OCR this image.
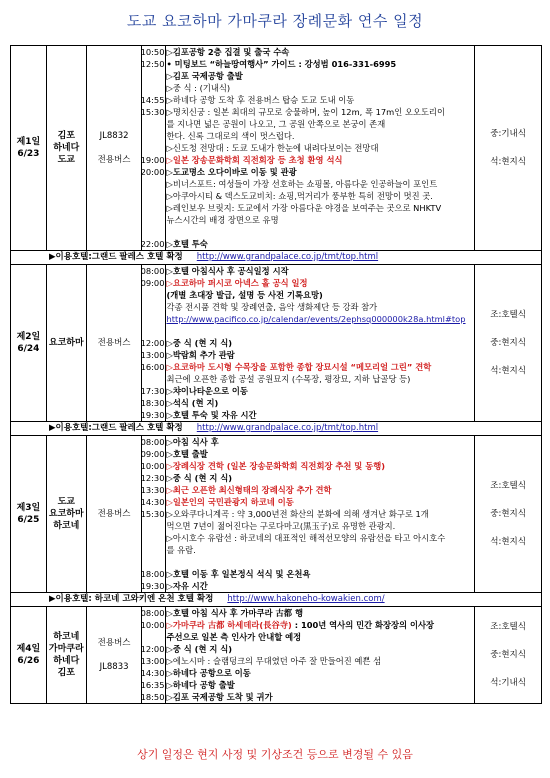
도교 요코하마 가마쿠라 장례문화 연수 일정
제1일
6/23
김포
하네다
도교
JL8832
전용버스
10:50
12:50
14:55
15:30
19:00
20:00
22:00
▷김포공항 2층 집결 및 출국 수속
• 미팅보드 “하늘땅여행사” 가이드 : 강성범 016-331-6995
▷김포 국제공항 출발
▷중 식 : (기내식)
▷하네다 공항 도착 후 전용버스 탑승 도교 도내 이동
▷명치신궁 : 일본 최대의 규모로 숭물하며, 높이 12m, 폭 17m인 오오도리이
를 지나면 넓은 공원이 나오고, 그 공원 안쪽으로 본궁이 존재
한다. 신록 그대로의 색이 멋스럽다.
▷신도청 전망대 : 도쿄 도내가 한눈에 내려다보이는 전망대
▷일본 장송문화학회 직전회장 등 초청 환영 석식
▷도교명소 오다이바로 이동 및 관광
▷비너스포트: 여성들이 가장 선호하는 쇼핑몰, 아름다운 인공하늘이 포인트
▷아쿠아시티 & 덱스도교비치: 쇼핑,먹거리가 풍부한 특히 전망이 멋진 곳.
▷레인보우 브릿지: 도교에서 가장 아름다운 야경을 보여주는 곳으로 NHKTV
뉴스시간의 배경 장면으로 유명
▷호텔 투숙
중:기내식
석:현지식
▶이용호텔:그랜드 팔레스 호텔 확정 http://www.grandpalace.co.jp/tmt/top.html
제2일
6/24
요코하마	전용버스
08:00
09:00
12:00
13:00
16:00
17:30
18:30
19:30
▷호텔 아침식사 후 공식일정 시작
▷요코하마 퍼시코 아넥스 홀 공식 일정
(개별 초대장 발급, 설명 등 사전 기록요망)
각종 전시품 견학 및 장례연출, 음악 생화제단 등 강좌 참가
http://www.pacifico.co.jp/calendar/events/2ephsq000000k28a.html#top
▷중 식 (현 지 식)
▷박람회 추가 관람
▷요코하마 도시형 수목장을 포함한 종합 장묘시설 “메모리얼 그린” 견학
최근에 오픈한 종합 공설 공원묘지 (수목장, 평장묘, 지하 납골당 등)
▷챠이나타운으로 이동
▷석식 (현 지)
▷호텔 투숙 및 자유 시간
조:호텔식
중:현지식
석:현지식
▶이용호텔:그랜드 팔레스 호텔 확정 http://www.grandpalace.co.jp/tmt/top.html
제3일
6/25
도교
요코하마
하코네
전용버스
08:00
09:00
10:00
12:30
13:30
14:30
15:30
18:00
19:30
▷아침 식사 후
▷호텔 출발
▷장례식장 견학 (일본 장송문화학회 직전회장 추천 및 동행)
▷중 식 (현 지 식)
▷최근 오픈한 최신형태의 장례식장 추가 견학
▷일본인의 국민관광지 하코네 이동
▷오와쿠다니계곡 : 약 3,000년전 화산의 분화에 의해 생겨난 화구로 1개
먹으면 7년이 젊어진다는 구로다마고(黒玉子)로 유명한 관광지.
▷아시호수 유람선 : 하코네의 대표적인 해적선모양의 유람선을 타고 아시호수
를 유람.
▷호텔 이동 후 일본정식 석식 및 온천욕
▷자유 시간
조:호텔식
중:현지식
석:현지식
▶이용호텔: 하코네 고와키엔 온천 호텔 확정 http://www.hakoneho-kowakien.com/
제4일
6/26
하코네
가마쿠라
하네다
김포
전용버스
JL8833
08:00
10:00
12:00
13:00
14:30
16:35
18:50
▷호텔 아침 식사 후 가마쿠라 古都 행
▷가마쿠라 古都 하세데라(長谷寺) : 100년 역사의 민간 화장장의 이사장
주선으로 일본 측 인사가 안내할 예정
▷중 식 (현 지 식)
▷에노시마 : 슬램덩크의 무대였던 아주 잘 만들어진 예쁜 섬
▷하네다 공항으로 이동
▷하네다 공항 출발
▷김포 국제공항 도착 및 귀가
조:호텔식
중:현지식
석:기내식
상기 일정은 현지 사정 및 기상조건 등으로 변경될 수 있음
